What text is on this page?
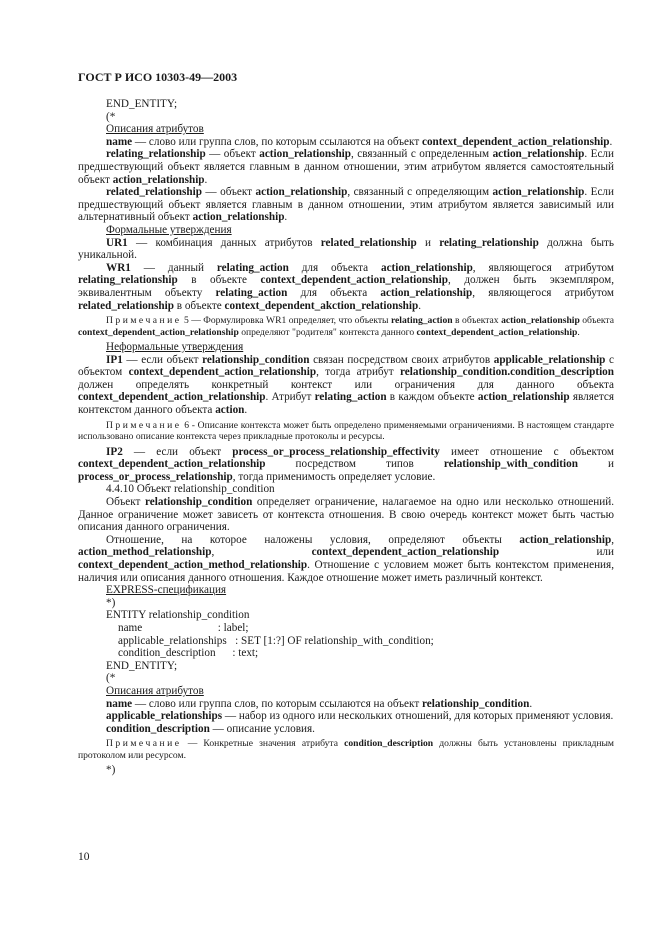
ГОСТ Р ИСО 10303-49—2003

END_ENTITY;

(*

Описания атрибутов

name — слово или группа слов, по которым ссылаются на объект context_dependent_action_relationship.

relating_relationship — объект action_relationship, связанный с определенным action_relationship. Если предшествующий объект является главным в данном отношении, этим атрибутом является самостоятельный объект action_relationship.

related_relationship — объект action_relationship, связанный с определяющим action_relationship. Если предшествующий объект является главным в данном отношении, этим атрибутом является зависимый или альтернативный объект action_relationship.

Формальные утверждения

UR1 — комбинация данных атрибутов related_relationship и relating_relationship должна быть уникальной.

WR1 — данный relating_action для объекта action_relationship, являющегося атрибутом relating_relationship в объекте context_dependent_action_relationship, должен быть экземпляром, эквивалентным объекту relating_action для объекта action_relationship, являющегося атрибутом related_relationship в объекте context_dependent_akction_relationship.

Примечание 5 — Формулировка WR1 определяет, что объекты relating_action в объектах action_relationship объекта context_dependent_action_relationship определяют "родителя" контекста данного context_dependent_action_relationship.

Неформальные утверждения

IP1 — если объект relationship_condition связан посредством своих атрибутов applicable_relationship с объектом context_dependent_action_relationship, тогда атрибут relationship_condition.condition_description должен определять конкретный контекст или ограничения для данного объекта context_dependent_action_relationship. Атрибут relating_action в каждом объекте action_relationship является контекстом данного объекта action.

Примечание 6 - Описание контекста может быть определено применяемыми ограничениями. В настоящем стандарте использовано описание контекста через прикладные протоколы и ресурсы.

IP2 — если объект process_or_process_relationship_effectivity имеет отношение с объектом context_dependent_action_relationship посредством типов relationship_with_condition и process_or_process_relationship, тогда применимость определяет условие.

4.4.10 Объект relationship_condition

Объект relationship_condition определяет ограничение, налагаемое на одно или несколько отношений. Данное ограничение может зависеть от контекста отношения. В свою очередь контекст может быть частью описания данного ограничения.

Отношение, на которое наложены условия, определяют объекты action_relationship, action_method_relationship, context_dependent_action_relationship или context_dependent_action_method_relationship. Отношение с условием может быть контекстом применения, наличия или описания данного отношения. Каждое отношение может иметь различный контекст.

EXPRESS-спецификация

*)

ENTITY relationship_condition

name                           : label;

applicable_relationships   : SET [1:?] OF relationship_with_condition;

condition_description      : text;

END_ENTITY;

(*

Описания атрибутов

name — слово или группа слов, по которым ссылаются на объект relationship_condition.

applicable_relationships — набор из одного или нескольких отношений, для которых применяют условия.

condition_description — описание условия.

Примечание — Конкретные значения атрибута condition_description должны быть установлены прикладным протоколом или ресурсом.

*)

10
